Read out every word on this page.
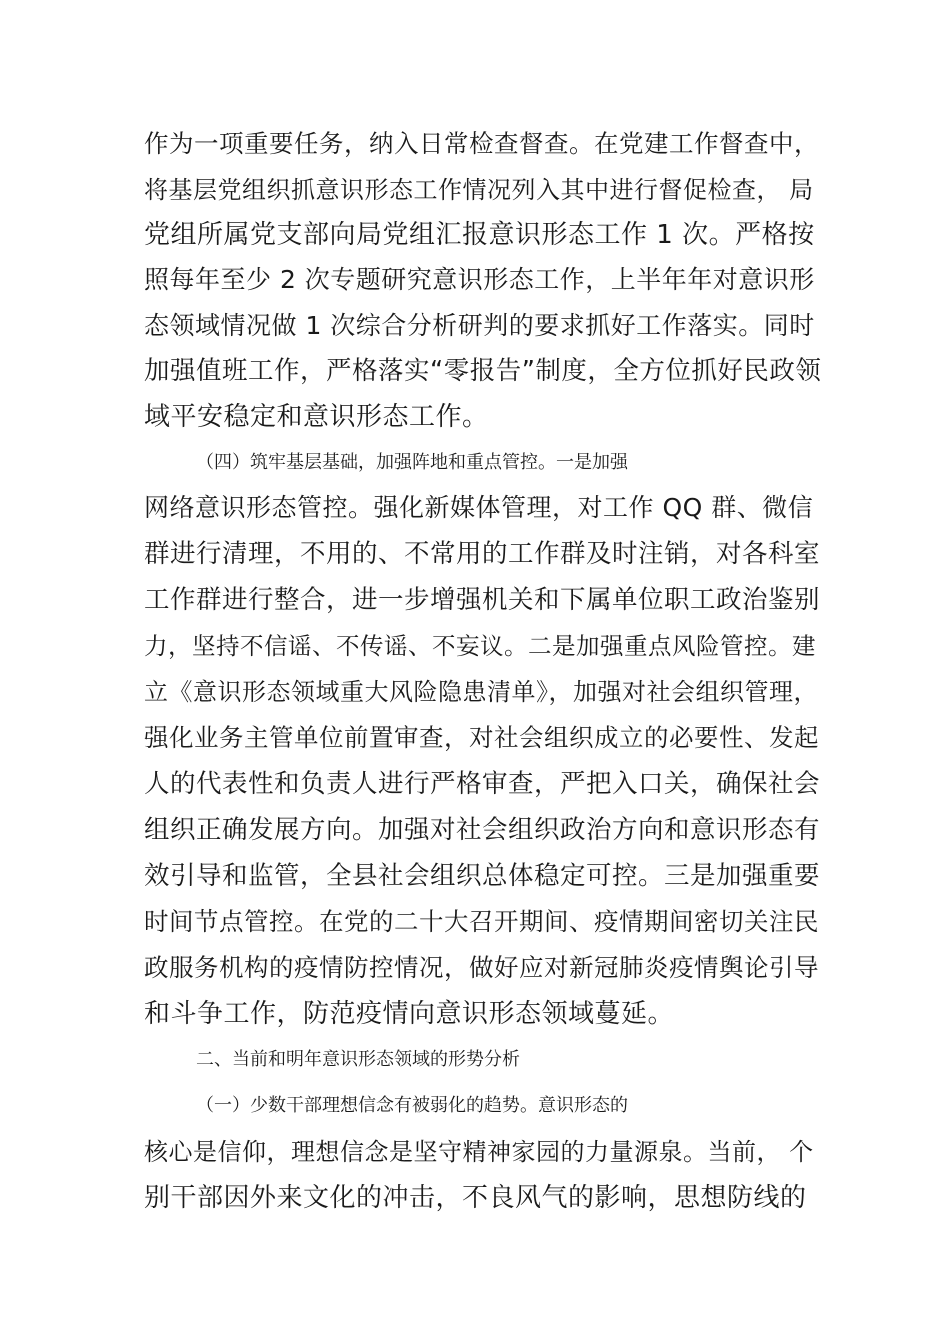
作为一项重要任务，纳入日常检查督查。在党建工作督查中，
将基层党组织抓意识形态工作情况列入其中进行督促检查， 局
党组所属党支部向局党组汇报意识形态工作 1 次。严格按
照每年至少 2 次专题研究意识形态工作，上半年年对意识形
态领域情况做 1 次综合分析研判的要求抓好工作落实。同时
加强值班工作，严格落实“零报告”制度，全方位抓好民政领
域平安稳定和意识形态工作。
（四）筑牢基层基础，加强阵地和重点管控。一是加强
网络意识形态管控。强化新媒体管理，对工作 QQ 群、微信
群进行清理，不用的、不常用的工作群及时注销，对各科室
工作群进行整合，进一步增强机关和下属单位职工政治鉴别
力，坚持不信谣、不传谣、不妄议。二是加强重点风险管控。建
立《意识形态领域重大风险隐患清单》，加强对社会组织管理，
强化业务主管单位前置审查，对社会组织成立的必要性、发起
人的代表性和负责人进行严格审查，严把入口关，确保社会
组织正确发展方向。加强对社会组织政治方向和意识形态有
效引导和监管，全县社会组织总体稳定可控。三是加强重要
时间节点管控。在党的二十大召开期间、疫情期间密切关注民
政服务机构的疫情防控情况，做好应对新冠肺炎疫情舆论引导
和斗争工作，防范疫情向意识形态领域蔓延。
二、当前和明年意识形态领域的形势分析
（一）少数干部理想信念有被弱化的趋势。意识形态的
核心是信仰，理想信念是坚守精神家园的力量源泉。当前， 个
别干部因外来文化的冲击，不良风气的影响，思想防线的
